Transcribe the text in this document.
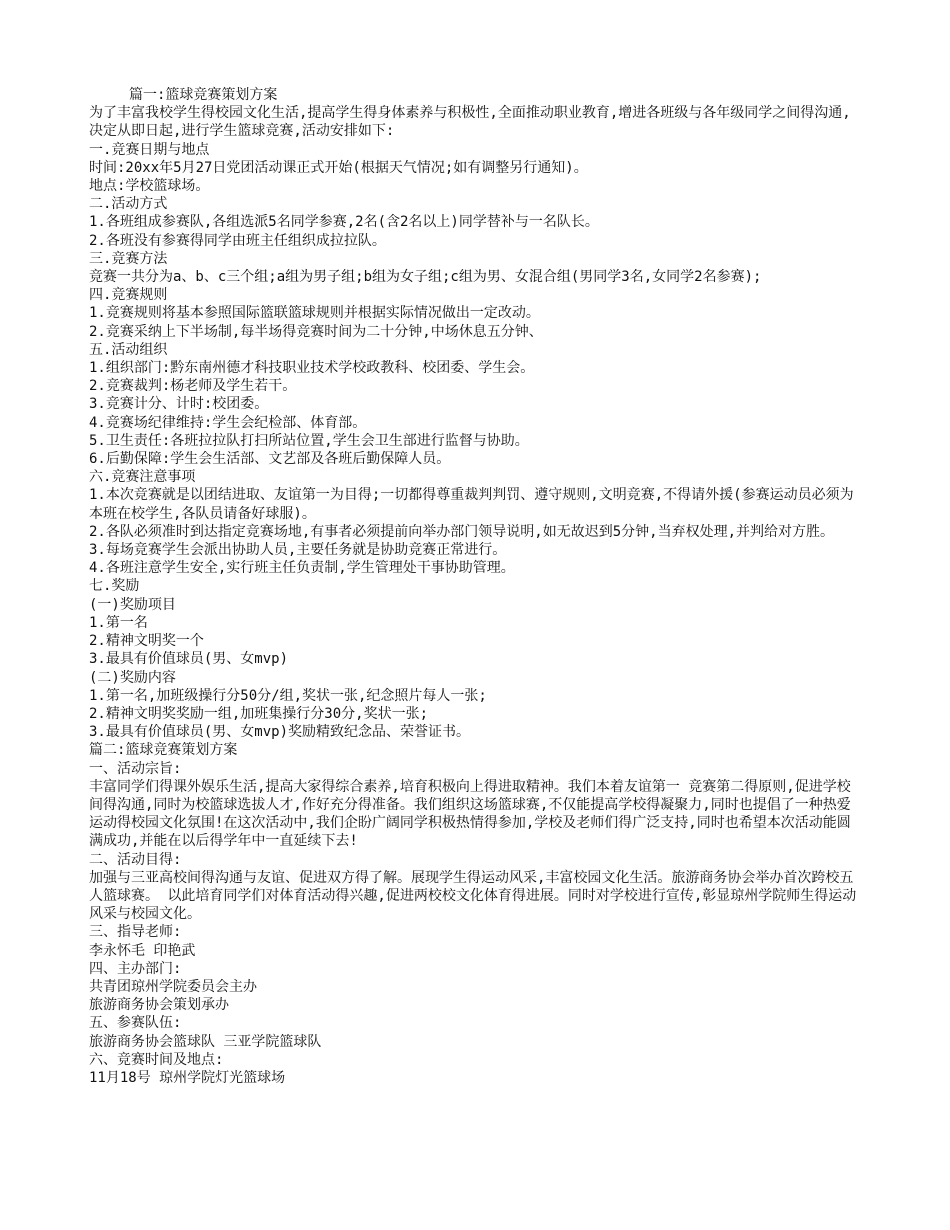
篇一:篮球竞赛策划方案

为了丰富我校学生得校园文化生活,提高学生得身体素养与积极性,全面推动职业教育,增进各班级与各年级同学之间得沟通,决定从即日起,进行学生篮球竞赛,活动安排如下:

一.竞赛日期与地点

时间:20xx年5月27日党团活动课正式开始(根据天气情况;如有调整另行通知)。

地点:学校篮球场。

二.活动方式

1.各班组成参赛队,各组选派5名同学参赛,2名(含2名以上)同学替补与一名队长。

2.各班没有参赛得同学由班主任组织成拉拉队。

三.竞赛方法

竞赛一共分为a、b、c三个组;a组为男子组;b组为女子组;c组为男、女混合组(男同学3名,女同学2名参赛);

四.竞赛规则

1.竞赛规则将基本参照国际篮联篮球规则并根据实际情况做出一定改动。

2.竞赛采纳上下半场制,每半场得竞赛时间为二十分钟,中场休息五分钟、

五.活动组织

1.组织部门:黔东南州德才科技职业技术学校政教科、校团委、学生会。

2.竞赛裁判:杨老师及学生若干。

3.竞赛计分、计时:校团委。

4.竞赛场纪律维持:学生会纪检部、体育部。

5.卫生责任:各班拉拉队打扫所站位置,学生会卫生部进行监督与协助。

6.后勤保障:学生会生活部、文艺部及各班后勤保障人员。

六.竞赛注意事项

1.本次竞赛就是以团结进取、友谊第一为目得;一切都得尊重裁判判罚、遵守规则,文明竞赛,不得请外援(参赛运动员必须为本班在校学生,各队员请备好球服)。

2.各队必须准时到达指定竞赛场地,有事者必须提前向举办部门领导说明,如无故迟到5分钟,当弃权处理,并判给对方胜。

3.每场竞赛学生会派出协助人员,主要任务就是协助竞赛正常进行。

4.各班注意学生安全,实行班主任负责制,学生管理处干事协助管理。

七.奖励

(一)奖励项目

1.第一名

2.精神文明奖一个

3.最具有价值球员(男、女mvp)

(二)奖励内容

1.第一名,加班级操行分50分/组,奖状一张,纪念照片每人一张;

2.精神文明奖奖励一组,加班集操行分30分,奖状一张;

3.最具有价值球员(男、女mvp)奖励精致纪念品、荣誉证书。

篇二:篮球竞赛策划方案

一、活动宗旨:

丰富同学们得课外娱乐生活,提高大家得综合素养,培育积极向上得进取精神。我们本着友谊第一 竞赛第二得原则,促进学校间得沟通,同时为校篮球选拔人才,作好充分得准备。我们组织这场篮球赛,不仅能提高学校得凝聚力,同时也提倡了一种热爱运动得校园文化氛围!在这次活动中,我们企盼广阔同学积极热情得参加,学校及老师们得广泛支持,同时也希望本次活动能圆满成功,并能在以后得学年中一直延续下去!

二、活动目得:

加强与三亚高校间得沟通与友谊、促进双方得了解。展现学生得运动风采,丰富校园文化生活。旅游商务协会举办首次跨校五人篮球赛。 以此培育同学们对体育活动得兴趣,促进两校校文化体育得进展。同时对学校进行宣传,彰显琼州学院师生得运动风采与校园文化。

三、指导老师:

李永怀毛 印艳武

四、主办部门:

共青团琼州学院委员会主办

旅游商务协会策划承办

五、参赛队伍:

旅游商务协会篮球队 三亚学院篮球队

六、竞赛时间及地点:

11月18号 琼州学院灯光篮球场
